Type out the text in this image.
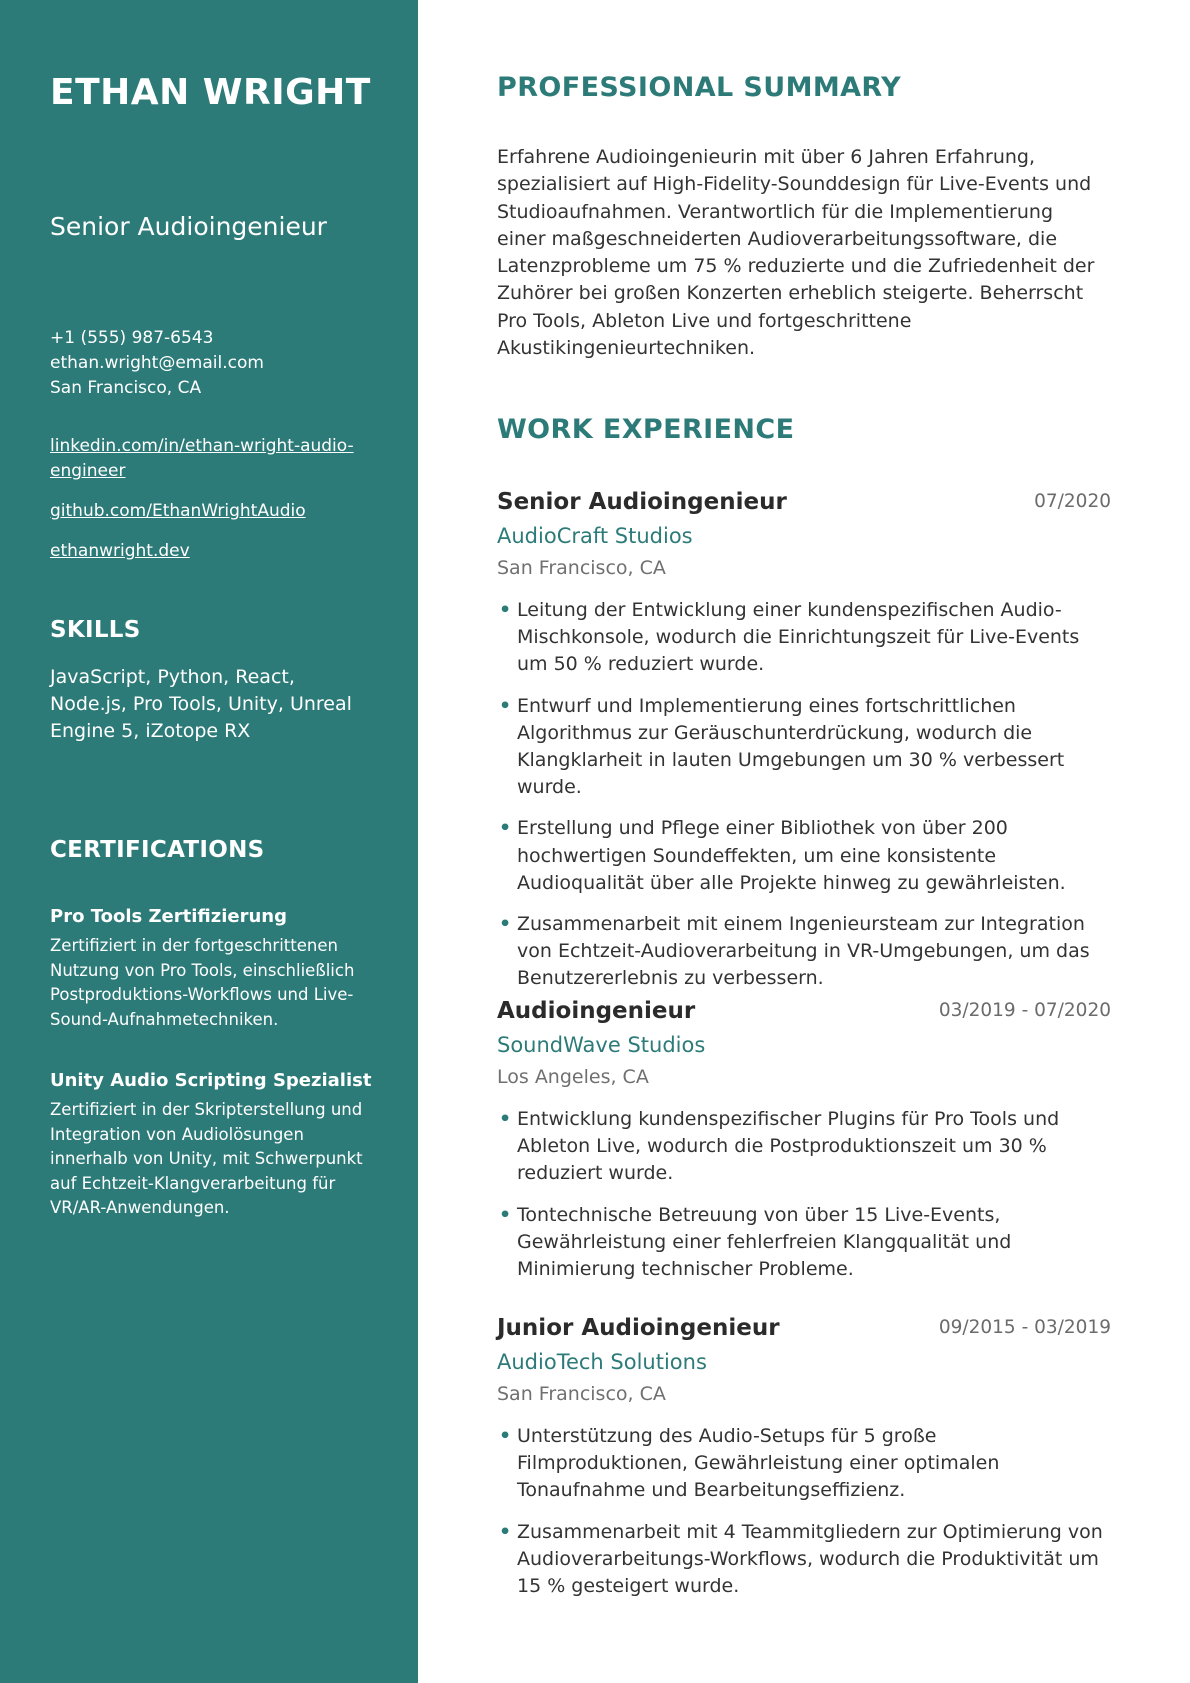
ETHAN WRIGHT
Senior Audioingenieur
+1 (555) 987-6543
ethan.wright@email.com
San Francisco, CA
linkedin.com/in/ethan-wright-audio-engineer
github.com/EthanWrightAudio
ethanwright.dev
SKILLS
JavaScript, Python, React, Node.js, Pro Tools, Unity, Unreal Engine 5, iZotope RX
CERTIFICATIONS
Pro Tools Zertifizierung
Zertifiziert in der fortgeschrittenen Nutzung von Pro Tools, einschließlich Postproduktions-Workflows und Live-Sound-Aufnahmetechniken.
Unity Audio Scripting Spezialist
Zertifiziert in der Skripterstellung und Integration von Audiolösungen innerhalb von Unity, mit Schwerpunkt auf Echtzeit-Klangverarbeitung für VR/AR-Anwendungen.
PROFESSIONAL SUMMARY
Erfahrene Audioingenieurin mit über 6 Jahren Erfahrung, spezialisiert auf High-Fidelity-Sounddesign für Live-Events und Studioaufnahmen. Verantwortlich für die Implementierung einer maßgeschneiderten Audioverarbeitungssoftware, die Latenzprobleme um 75 % reduzierte und die Zufriedenheit der Zuhörer bei großen Konzerten erheblich steigerte. Beherrscht Pro Tools, Ableton Live und fortgeschrittene Akustikingenieurtechniken.
WORK EXPERIENCE
Senior Audioingenieur	07/2020
AudioCraft Studios
San Francisco, CA
• Leitung der Entwicklung einer kundenspezifischen Audio-Mischkonsole, wodurch die Einrichtungszeit für Live-Events um 50 % reduziert wurde.
• Entwurf und Implementierung eines fortschrittlichen Algorithmus zur Geräuschunterdrückung, wodurch die Klangklarheit in lauten Umgebungen um 30 % verbessert wurde.
• Erstellung und Pflege einer Bibliothek von über 200 hochwertigen Soundeffekten, um eine konsistente Audioqualität über alle Projekte hinweg zu gewährleisten.
• Zusammenarbeit mit einem Ingenieursteam zur Integration von Echtzeit-Audioverarbeitung in VR-Umgebungen, um das Benutzererlebnis zu verbessern.
Audioingenieur	03/2019 - 07/2020
SoundWave Studios
Los Angeles, CA
• Entwicklung kundenspezifischer Plugins für Pro Tools und Ableton Live, wodurch die Postproduktionszeit um 30 % reduziert wurde.
• Tontechnische Betreuung von über 15 Live-Events, Gewährleistung einer fehlerfreien Klangqualität und Minimierung technischer Probleme.
Junior Audioingenieur	09/2015 - 03/2019
AudioTech Solutions
San Francisco, CA
• Unterstützung des Audio-Setups für 5 große Filmproduktionen, Gewährleistung einer optimalen Tonaufnahme und Bearbeitungseffizienz.
• Zusammenarbeit mit 4 Teammitgliedern zur Optimierung von Audioverarbeitungs-Workflows, wodurch die Produktivität um 15 % gesteigert wurde.
